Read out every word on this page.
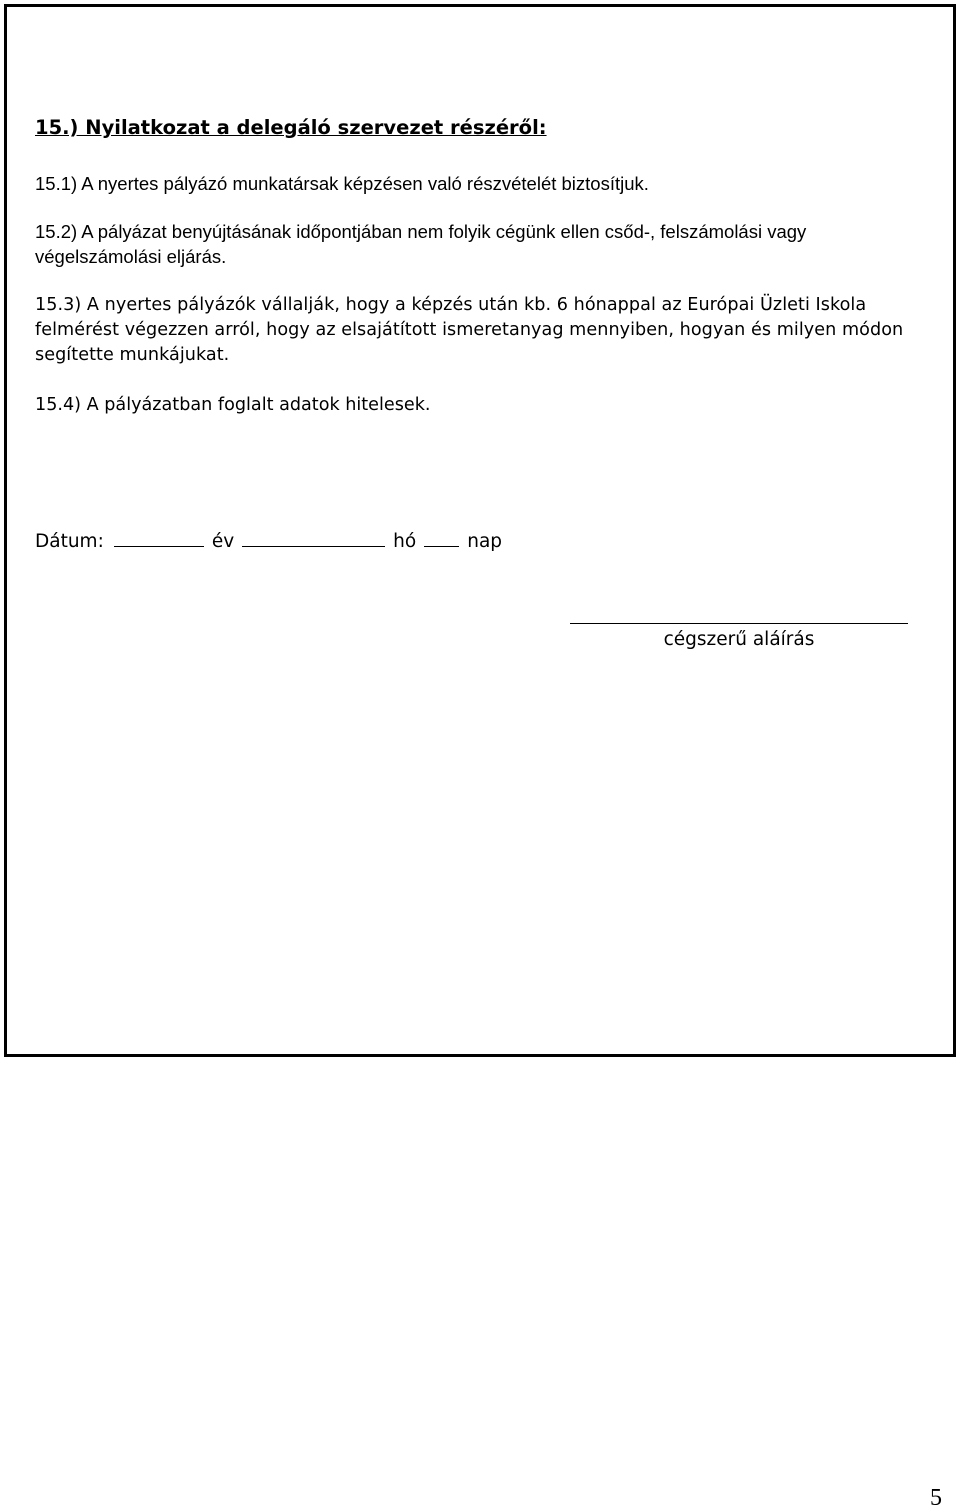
15.) Nyilatkozat a delegáló szervezet részéről:
15.1) A nyertes pályázó munkatársak képzésen való részvételét biztosítjuk.
15.2) A pályázat benyújtásának időpontjában nem folyik cégünk ellen csőd-, felszámolási vagy végelszámolási eljárás.
15.3) A nyertes pályázók vállalják, hogy a képzés után kb. 6 hónappal az Európai Üzleti Iskola felmérést végezzen arról, hogy az elsajátított ismeretanyag mennyiben, hogyan és milyen módon segítette munkájukat.
15.4) A pályázatban foglalt adatok hitelesek.
Dátum:	év	hó	nap
cégszerű aláírás
5
